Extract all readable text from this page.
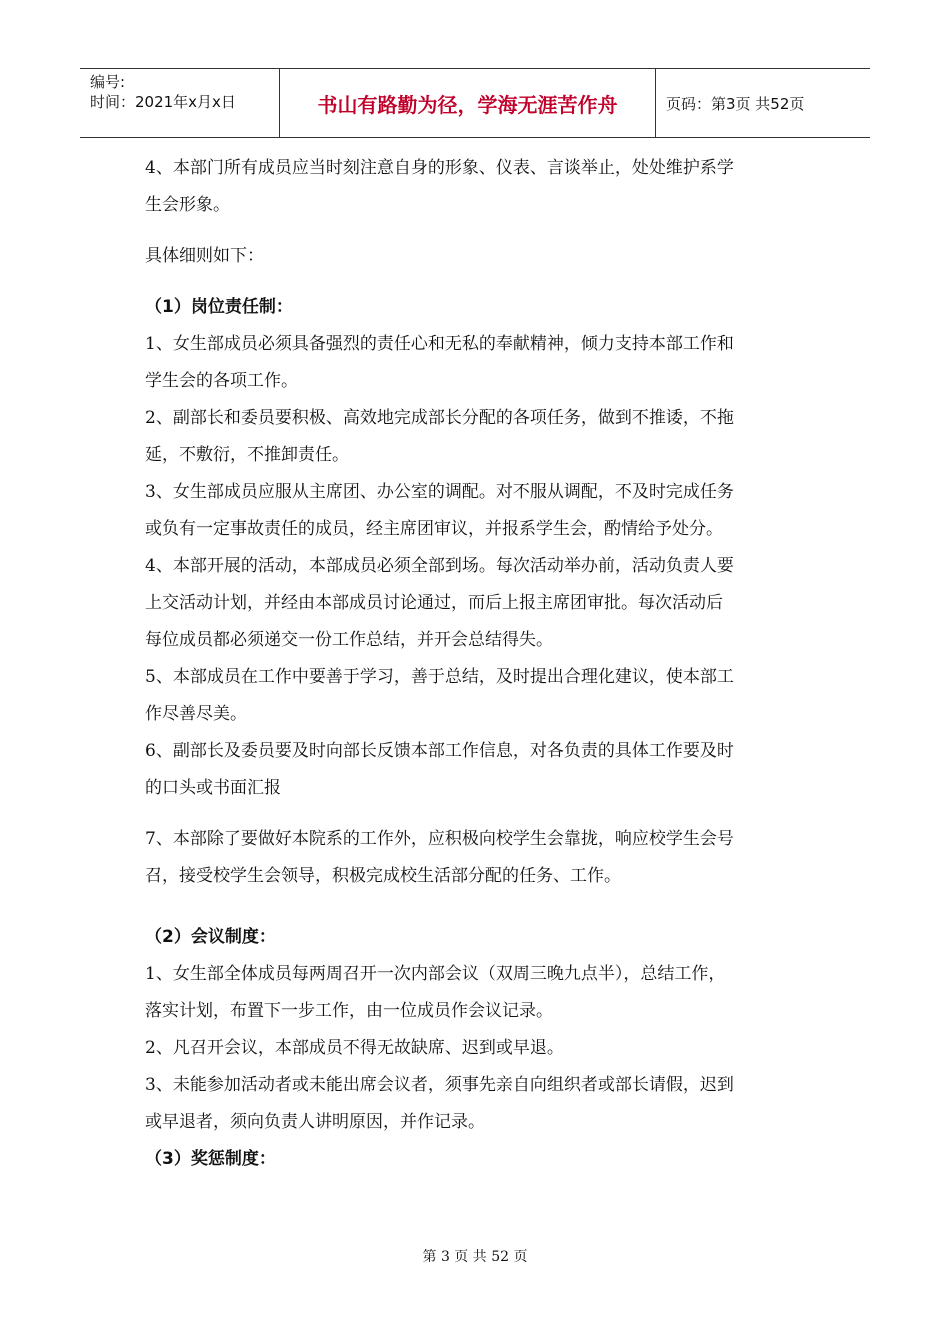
编号:
时间：2021年x月x日	书山有路勤为径，学海无涯苦作舟	页码：第3页 共52页
4、本部门所有成员应当时刻注意自身的形象、仪表、言谈举止，处处维护系学
生会形象。
具体细则如下：
（1）岗位责任制：
1、女生部成员必须具备强烈的责任心和无私的奉献精神，倾力支持本部工作和
学生会的各项工作。
2、副部长和委员要积极、高效地完成部长分配的各项任务，做到不推诿，不拖
延，不敷衍，不推卸责任。
3、女生部成员应服从主席团、办公室的调配。对不服从调配，不及时完成任务
或负有一定事故责任的成员，经主席团审议，并报系学生会，酌情给予处分。
4、本部开展的活动，本部成员必须全部到场。每次活动举办前，活动负责人要
上交活动计划，并经由本部成员讨论通过，而后上报主席团审批。每次活动后
每位成员都必须递交一份工作总结，并开会总结得失。
5、本部成员在工作中要善于学习，善于总结，及时提出合理化建议，使本部工
作尽善尽美。
6、副部长及委员要及时向部长反馈本部工作信息，对各负责的具体工作要及时
的口头或书面汇报
7、本部除了要做好本院系的工作外，应积极向校学生会靠拢，响应校学生会号
召，接受校学生会领导，积极完成校生活部分配的任务、工作。
（2）会议制度：
1、女生部全体成员每两周召开一次内部会议（双周三晚九点半），总结工作，
落实计划，布置下一步工作，由一位成员作会议记录。
2、凡召开会议，本部成员不得无故缺席、迟到或早退。
3、未能参加活动者或未能出席会议者，须事先亲自向组织者或部长请假，迟到
或早退者，须向负责人讲明原因，并作记录。
（3）奖惩制度：
第 3 页 共 52 页
